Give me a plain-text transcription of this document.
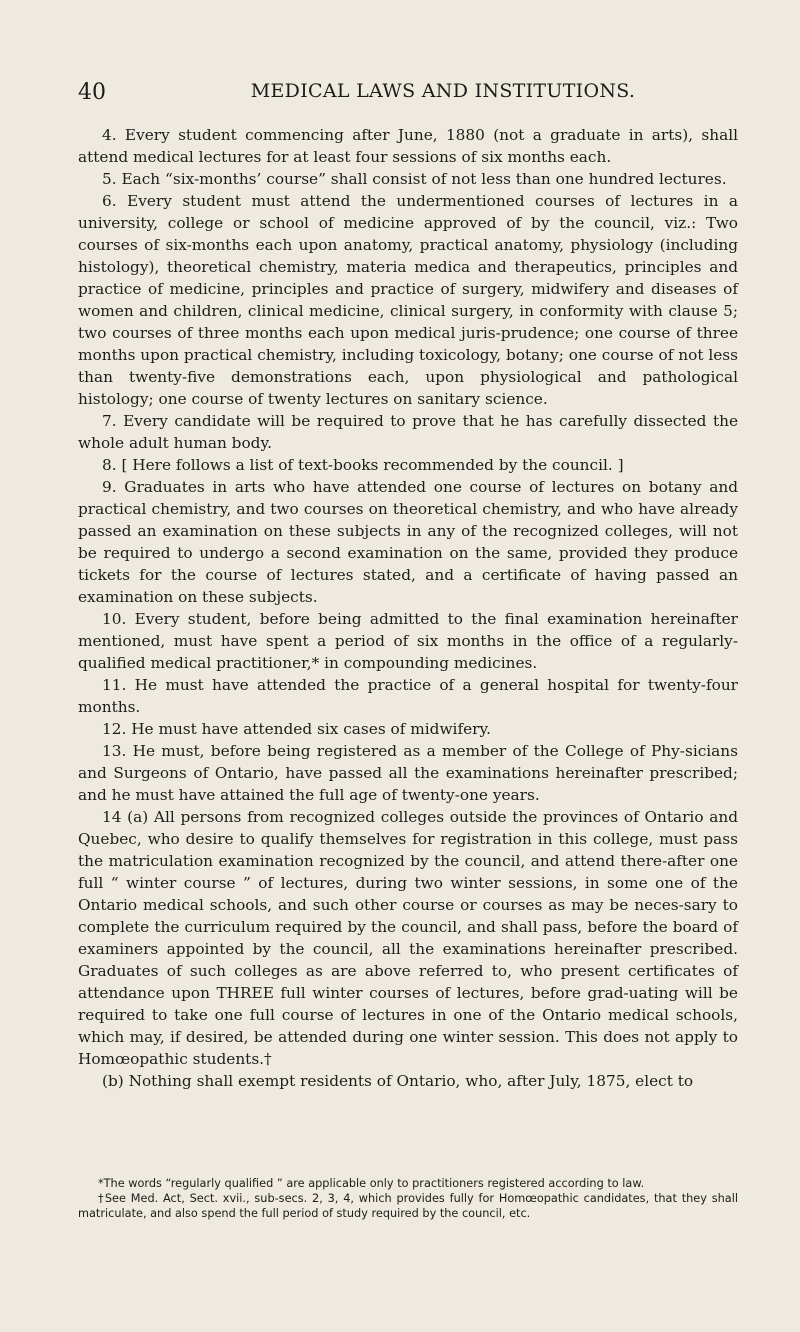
40	MEDICAL LAWS AND INSTITUTIONS.

4. Every student commencing after June, 1880 (not a graduate in arts), shall attend medical lectures for at least four sessions of six months each.

5. Each “six-months’ course” shall consist of not less than one hundred lectures.

6. Every student must attend the undermentioned courses of lectures in a university, college or school of medicine approved of by the council, viz.: Two courses of six-months each upon anatomy, practical anatomy, physiology (including histology), theoretical chemistry, materia medica and therapeutics, principles and practice of medicine, principles and practice of surgery, midwifery and diseases of women and children, clinical medicine, clinical surgery, in conformity with clause 5; two courses of three months each upon medical juris-prudence; one course of three months upon practical chemistry, including toxicology, botany; one course of not less than twenty-five demonstrations each, upon physiological and pathological histology; one course of twenty lectures on sanitary science.

7. Every candidate will be required to prove that he has carefully dissected the whole adult human body.

8. [ Here follows a list of text-books recommended by the council. ]

9. Graduates in arts who have attended one course of lectures on botany and practical chemistry, and two courses on theoretical chemistry, and who have already passed an examination on these subjects in any of the recognized colleges, will not be required to undergo a second examination on the same, provided they produce tickets for the course of lectures stated, and a certificate of having passed an examination on these subjects.

10. Every student, before being admitted to the final examination hereinafter mentioned, must have spent a period of six months in the office of a regularly-qualified medical practitioner,* in compounding medicines.

11. He must have attended the practice of a general hospital for twenty-four months.

12. He must have attended six cases of midwifery.

13. He must, before being registered as a member of the College of Phy-sicians and Surgeons of Ontario, have passed all the examinations hereinafter prescribed; and he must have attained the full age of twenty-one years.

14 (a) All persons from recognized colleges outside the provinces of Ontario and Quebec, who desire to qualify themselves for registration in this college, must pass the matriculation examination recognized by the council, and attend there-after one full “ winter course ” of lectures, during two winter sessions, in some one of the Ontario medical schools, and such other course or courses as may be neces-sary to complete the curriculum required by the council, and shall pass, before the board of examiners appointed by the council, all the examinations hereinafter prescribed. Graduates of such colleges as are above referred to, who present certificates of attendance upon THREE full winter courses of lectures, before grad-uating will be required to take one full course of lectures in one of the Ontario medical schools, which may, if desired, be attended during one winter session. This does not apply to Homœopathic students.†

(b) Nothing shall exempt residents of Ontario, who, after July, 1875, elect to

*The words “regularly qualified ” are applicable only to practitioners registered according to law.

†See Med. Act, Sect. xvii., sub-secs. 2, 3, 4, which provides fully for Homœopathic candidates, that they shall matriculate, and also spend the full period of study required by the council, etc.
